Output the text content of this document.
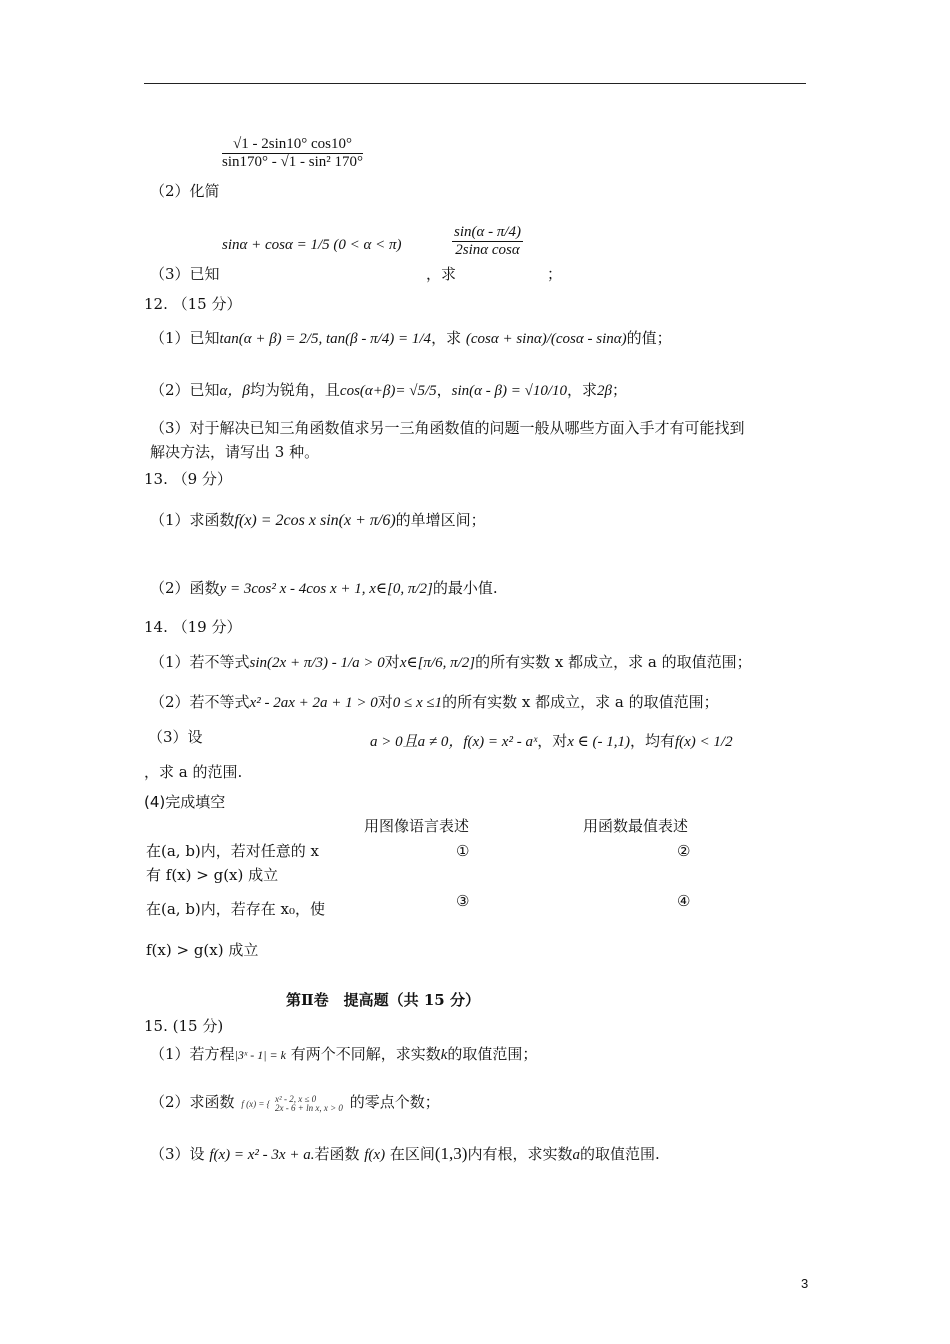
$\frac{√1 - 2\sin 10^\circ \cos 10^\circ}{\text{sin170° - √1 - sin² 170°}}$
（2）化简
sinα + cosα = 1/5 (0 < α < π)	$\frac{\sin(\alpha - \pi/4)}{\text{2sinα cosα}}$
（3）已知	，求	；
12. （15 分）
（1）已知tan(α + β) = 2/5, tan(β - π/4) = 1/4，求 (cosα + sinα)/(cosα - sinα)的值；
（2）已知α，β均为锐角，且cos(α+β)= √5/5，sin(α - β) = √10/10，求2β；
（3）对于解决已知三角函数值求另一三角函数值的问题一般从哪些方面入手才有可能找到
解决方法，请写出 3 种。
13. （9 分）
（1）求函数f(x) = 2cos x sin(x + π/6)的单增区间；
（2）函数y = 3cos² x - 4cos x + 1, x∈[0, π/2]的最小值.
14. （19 分）
（1）若不等式sin(2x + π/3) - 1/a > 0对x∈[π/6, π/2]的所有实数 x 都成立，求 a 的取值范围；
（2）若不等式x² - 2ax + 2a + 1 > 0对0 ≤ x ≤1的所有实数 x 都成立，求 a 的取值范围；
（3）设	a > 0且a ≠ 0，f(x) = x² - aˣ，对x ∈ (- 1,1)，均有f(x) < 1/2
，求 a 的范围.
(4)完成填空
用图像语言表述	用函数最值表述
在(a, b)内，若对任意的 x
有 f(x) > g(x) 成立
①	②
在(a, b)内，若存在 x₀，使
f(x) > g(x) 成立
③	④
第Ⅱ卷　提高题（共 15 分）
15. (15 分)
（1）若方程|3ˣ - 1| = k 有两个不同解，求实数k的取值范围；
（2）求函数 f (x) = { x² - 2, x ≤ 0
2x - 6 + ln x, x > 0 的零点个数；
（3）设 f(x) = x² - 3x + a.若函数 f(x) 在区间(1,3)内有根，求实数a的取值范围.
3
